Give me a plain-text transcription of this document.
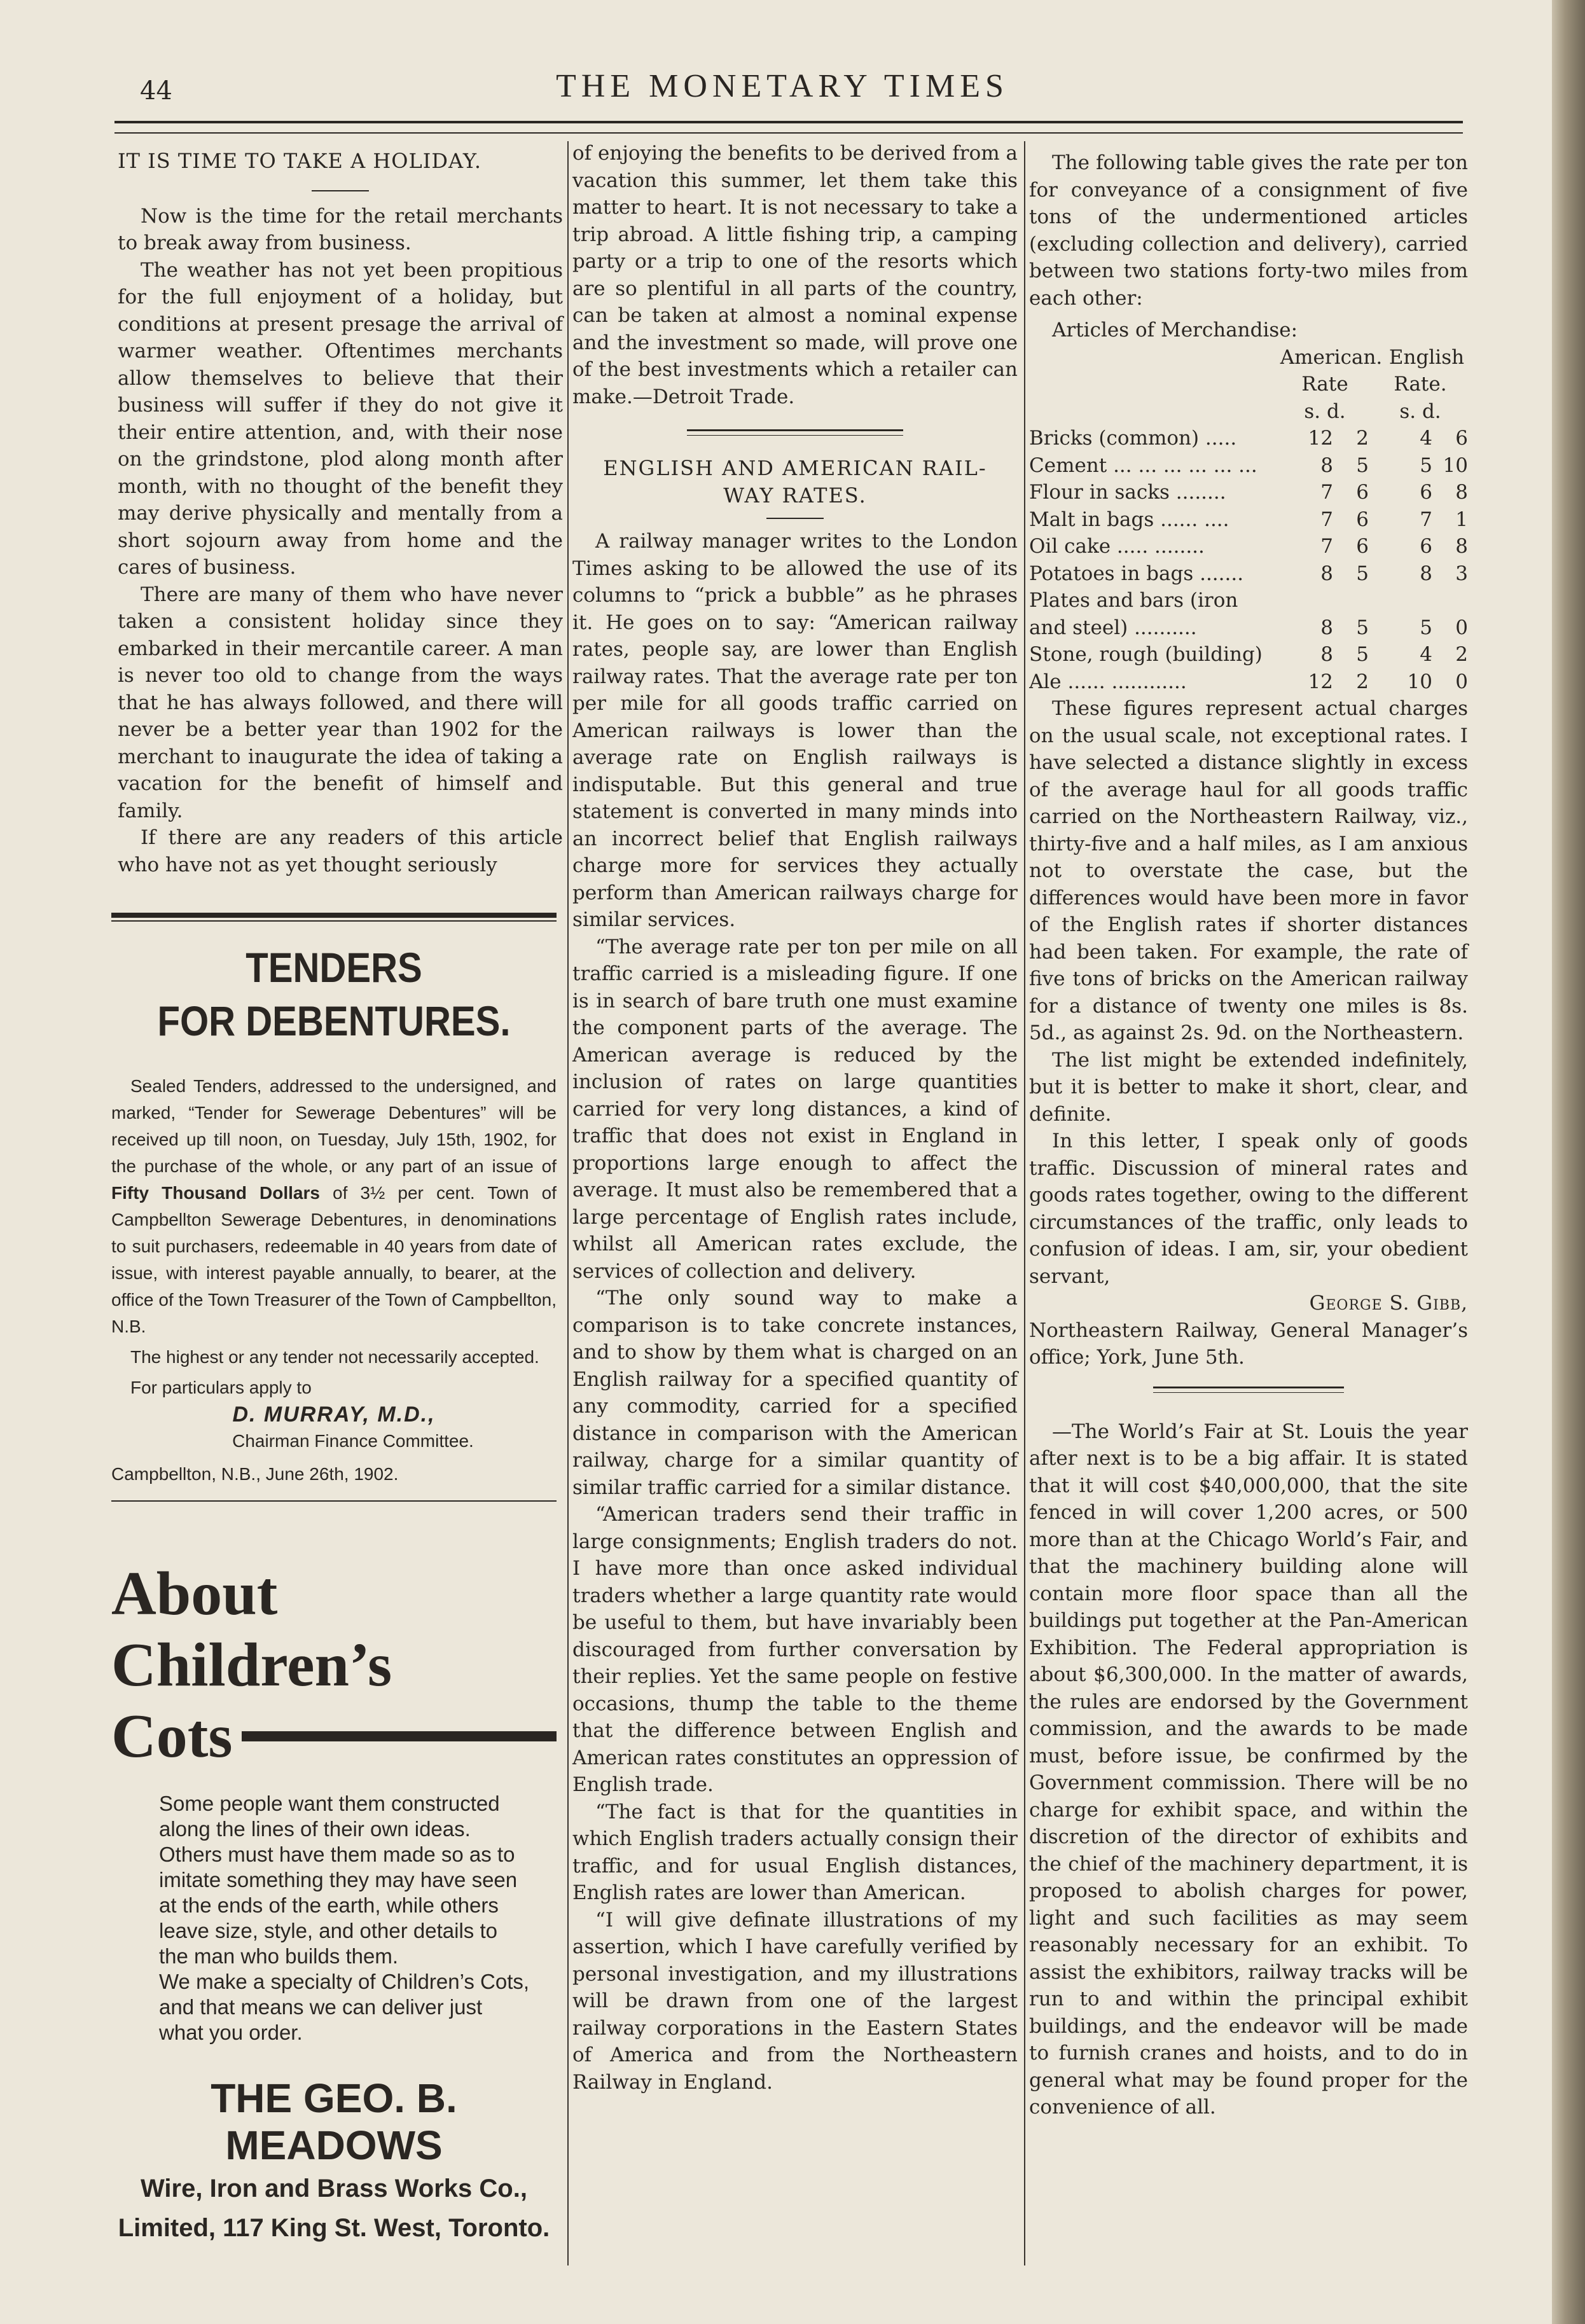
44	THE MONETARY TIMES
IT IS TIME TO TAKE A HOLIDAY.

Now is the time for the retail merchants to break away from business.

The weather has not yet been propitious for the full enjoyment of a holiday, but conditions at present presage the arrival of warmer weather. Oftentimes merchants allow themselves to believe that their business will suffer if they do not give it their entire attention, and, with their nose on the grindstone, plod along month after month, with no thought of the benefit they may derive physically and mentally from a short sojourn away from home and the cares of business.

There are many of them who have never taken a consistent holiday since they embarked in their mercantile career. A man is never too old to change from the ways that he has always followed, and there will never be a better year than 1902 for the merchant to inaugurate the idea of taking a vacation for the benefit of himself and family.

If there are any readers of this article who have not as yet thought seriously

TENDERS
FOR DEBENTURES.

Sealed Tenders, addressed to the undersigned, and marked, “Tender for Sewerage Debentures” will be received up till noon, on Tuesday, July 15th, 1902, for the purchase of the whole, or any part of an issue of Fifty Thousand Dollars of 3½ per cent. Town of Campbellton Sewerage Debentures, in denominations to suit purchasers, redeemable in 40 years from date of issue, with interest payable annually, to bearer, at the office of the Town Treasurer of the Town of Campbellton, N.B.

The highest or any tender not necessarily accepted.

For particulars apply to

D. MURRAY, M.D.,
Chairman Finance Committee.
Campbellton, N.B., June 26th, 1902.
About
Children’s
Cots

Some people want them constructed along the lines of their own ideas. Others must have them made so as to imitate something they may have seen at the ends of the earth, while others leave size, style, and other details to the man who builds them.

We make a specialty of Children’s Cots, and that means we can deliver just what you order.

THE GEO. B. MEADOWS

Wire, Iron and Brass Works Co.,

Limited, 117 King St. West, Toronto.

of enjoying the benefits to be derived from a vacation this summer, let them take this matter to heart. It is not necessary to take a trip abroad. A little fishing trip, a camping party or a trip to one of the resorts which are so plentiful in all parts of the country, can be taken at almost a nominal expense and the investment so made, will prove one of the best investments which a retailer can make.—Detroit Trade.

ENGLISH AND AMERICAN RAIL-
WAY RATES.

A railway manager writes to the London Times asking to be allowed the use of its columns to “prick a bubble” as he phrases it. He goes on to say: “American railway rates, people say, are lower than English railway rates. That the average rate per ton per mile for all goods traffic carried on American railways is lower than the average rate on English railways is indisputable. But this general and true statement is converted in many minds into an incorrect belief that English railways charge more for services they actually perform than American railways charge for similar services.

“The average rate per ton per mile on all traffic carried is a misleading figure. If one is in search of bare truth one must examine the component parts of the average. The American average is reduced by the inclusion of rates on large quantities carried for very long distances, a kind of traffic that does not exist in England in proportions large enough to affect the average. It must also be remembered that a large percentage of English rates include, whilst all American rates exclude, the services of collection and delivery.

“The only sound way to make a comparison is to take concrete instances, and to show by them what is charged on an English railway for a specified quantity of any commodity, carried for a specified distance in comparison with the American railway, charge for a similar quantity of similar traffic carried for a similar distance.

“American traders send their traffic in large consignments; English traders do not. I have more than once asked individual traders whether a large quantity rate would be useful to them, but have invariably been discouraged from further conversation by their replies. Yet the same people on festive occasions, thump the table to the theme that the difference between English and American rates constitutes an oppression of English trade.

“The fact is that for the quantities in which English traders actually consign their traffic, and for usual English distances, English rates are lower than American.

“I will give definate illustrations of my assertion, which I have carefully verified by personal investigation, and my illustrations will be drawn from one of the largest railway corporations in the Eastern States of America and from the Northeastern Railway in England.

The following table gives the rate per ton for conveyance of a consignment of five tons of the undermentioned articles (excluding collection and delivery), carried between two stations forty-two miles from each other:

Articles of Merchandise:

American. English
Rate	Rate.
s. d.	s. d.
Bricks (common) .....	12	2	4	6
Cement ... ... ... ... ... ...	8	5	5 10
Flour in sacks ........	7	6	6	8
Malt in bags ...... ....	7	6	7	1
Oil cake ..... ........	7	6	6	8
Potatoes in bags .......	8	5	8	3
Plates and bars (iron
and steel) ..........	8	5	5	0
Stone, rough (building)	8	5	4	2
Ale ...... ............	12	2	10	0

These figures represent actual charges on the usual scale, not exceptional rates. I have selected a distance slightly in excess of the average haul for all goods traffic carried on the Northeastern Railway, viz., thirty-five and a half miles, as I am anxious not to overstate the case, but the differences would have been more in favor of the English rates if shorter distances had been taken. For example, the rate of five tons of bricks on the American railway for a distance of twenty one miles is 8s. 5d., as against 2s. 9d. on the Northeastern.

The list might be extended indefinitely, but it is better to make it short, clear, and definite.

In this letter, I speak only of goods traffic. Discussion of mineral rates and goods rates together, owing to the different circumstances of the traffic, only leads to confusion of ideas. I am, sir, your obedient servant,

George S. Gibb,

Northeastern Railway, General Manager’s office; York, June 5th.

—The World’s Fair at St. Louis the year after next is to be a big affair. It is stated that it will cost $40,000,000, that the site fenced in will cover 1,200 acres, or 500 more than at the Chicago World’s Fair, and that the machinery building alone will contain more floor space than all the buildings put together at the Pan-American Exhibition. The Federal appropriation is about $6,300,000. In the matter of awards, the rules are endorsed by the Government commission, and the awards to be made must, before issue, be confirmed by the Government commission. There will be no charge for exhibit space, and within the discretion of the director of exhibits and the chief of the machinery department, it is proposed to abolish charges for power, light and such facilities as may seem reasonably necessary for an exhibit. To assist the exhibitors, railway tracks will be run to and within the principal exhibit buildings, and the endeavor will be made to furnish cranes and hoists, and to do in general what may be found proper for the convenience of all.
